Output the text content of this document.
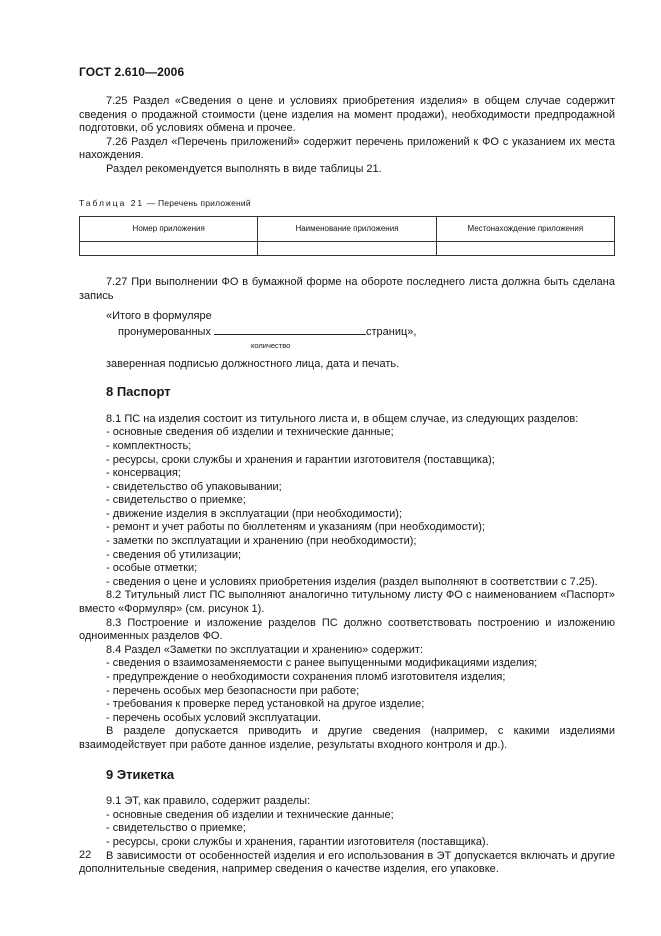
ГОСТ 2.610—2006

7.25 Раздел «Сведения о цене и условиях приобретения изделия» в общем случае содержит сведения о продажной стоимости (цене изделия на момент продажи), необходимости предпродажной подготовки, об условиях обмена и прочее.

7.26 Раздел «Перечень приложений» содержит перечень приложений к ФО с указанием их места нахождения.

Раздел рекомендуется выполнять в виде таблицы 21.

Таблица 21 — Перечень приложений

Номер приложения	Наименование приложения	Местонахождение приложения

7.27 При выполнении ФО в бумажной форме на обороте последнего листа должна быть сделана запись

«Итого в формуляре

пронумерованных	страниц»,

количество

заверенная подписью должностного лица, дата и печать.

8 Паспорт

8.1 ПС на изделия состоит из титульного листа и, в общем случае, из следующих разделов:

- основные сведения об изделии и технические данные;

- комплектность;

- ресурсы, сроки службы и хранения и гарантии изготовителя (поставщика);

- консервация;

- свидетельство об упаковывании;

- свидетельство о приемке;

- движение изделия в эксплуатации (при необходимости);

- ремонт и учет работы по бюллетеням и указаниям (при необходимости);

- заметки по эксплуатации и хранению (при необходимости);

- сведения об утилизации;

- особые отметки;

- сведения о цене и условиях приобретения изделия (раздел выполняют в соответствии с 7.25).

8.2 Титульный лист ПС выполняют аналогично титульному листу ФО с наименованием «Паспорт» вместо «Формуляр» (см. рисунок 1).

8.3 Построение и изложение разделов ПС должно соответствовать построению и изложению одноименных разделов ФО.

8.4 Раздел «Заметки по эксплуатации и хранению» содержит:

- сведения о взаимозаменяемости с ранее выпущенными модификациями изделия;

- предупреждение о необходимости сохранения пломб изготовителя изделия;

- перечень особых мер безопасности при работе;

- требования к проверке перед установкой на другое изделие;

- перечень особых условий эксплуатации.

В разделе допускается приводить и другие сведения (например, с какими изделиями взаимодействует при работе данное изделие, результаты входного контроля и др.).

9 Этикетка

9.1 ЭТ, как правило, содержит разделы:

- основные сведения об изделии и технические данные;

- свидетельство о приемке;

- ресурсы, сроки службы и хранения, гарантии изготовителя (поставщика).

В зависимости от особенностей изделия и его использования в ЭТ допускается включать и другие дополнительные сведения, например сведения о качестве изделия, его упаковке.

22
